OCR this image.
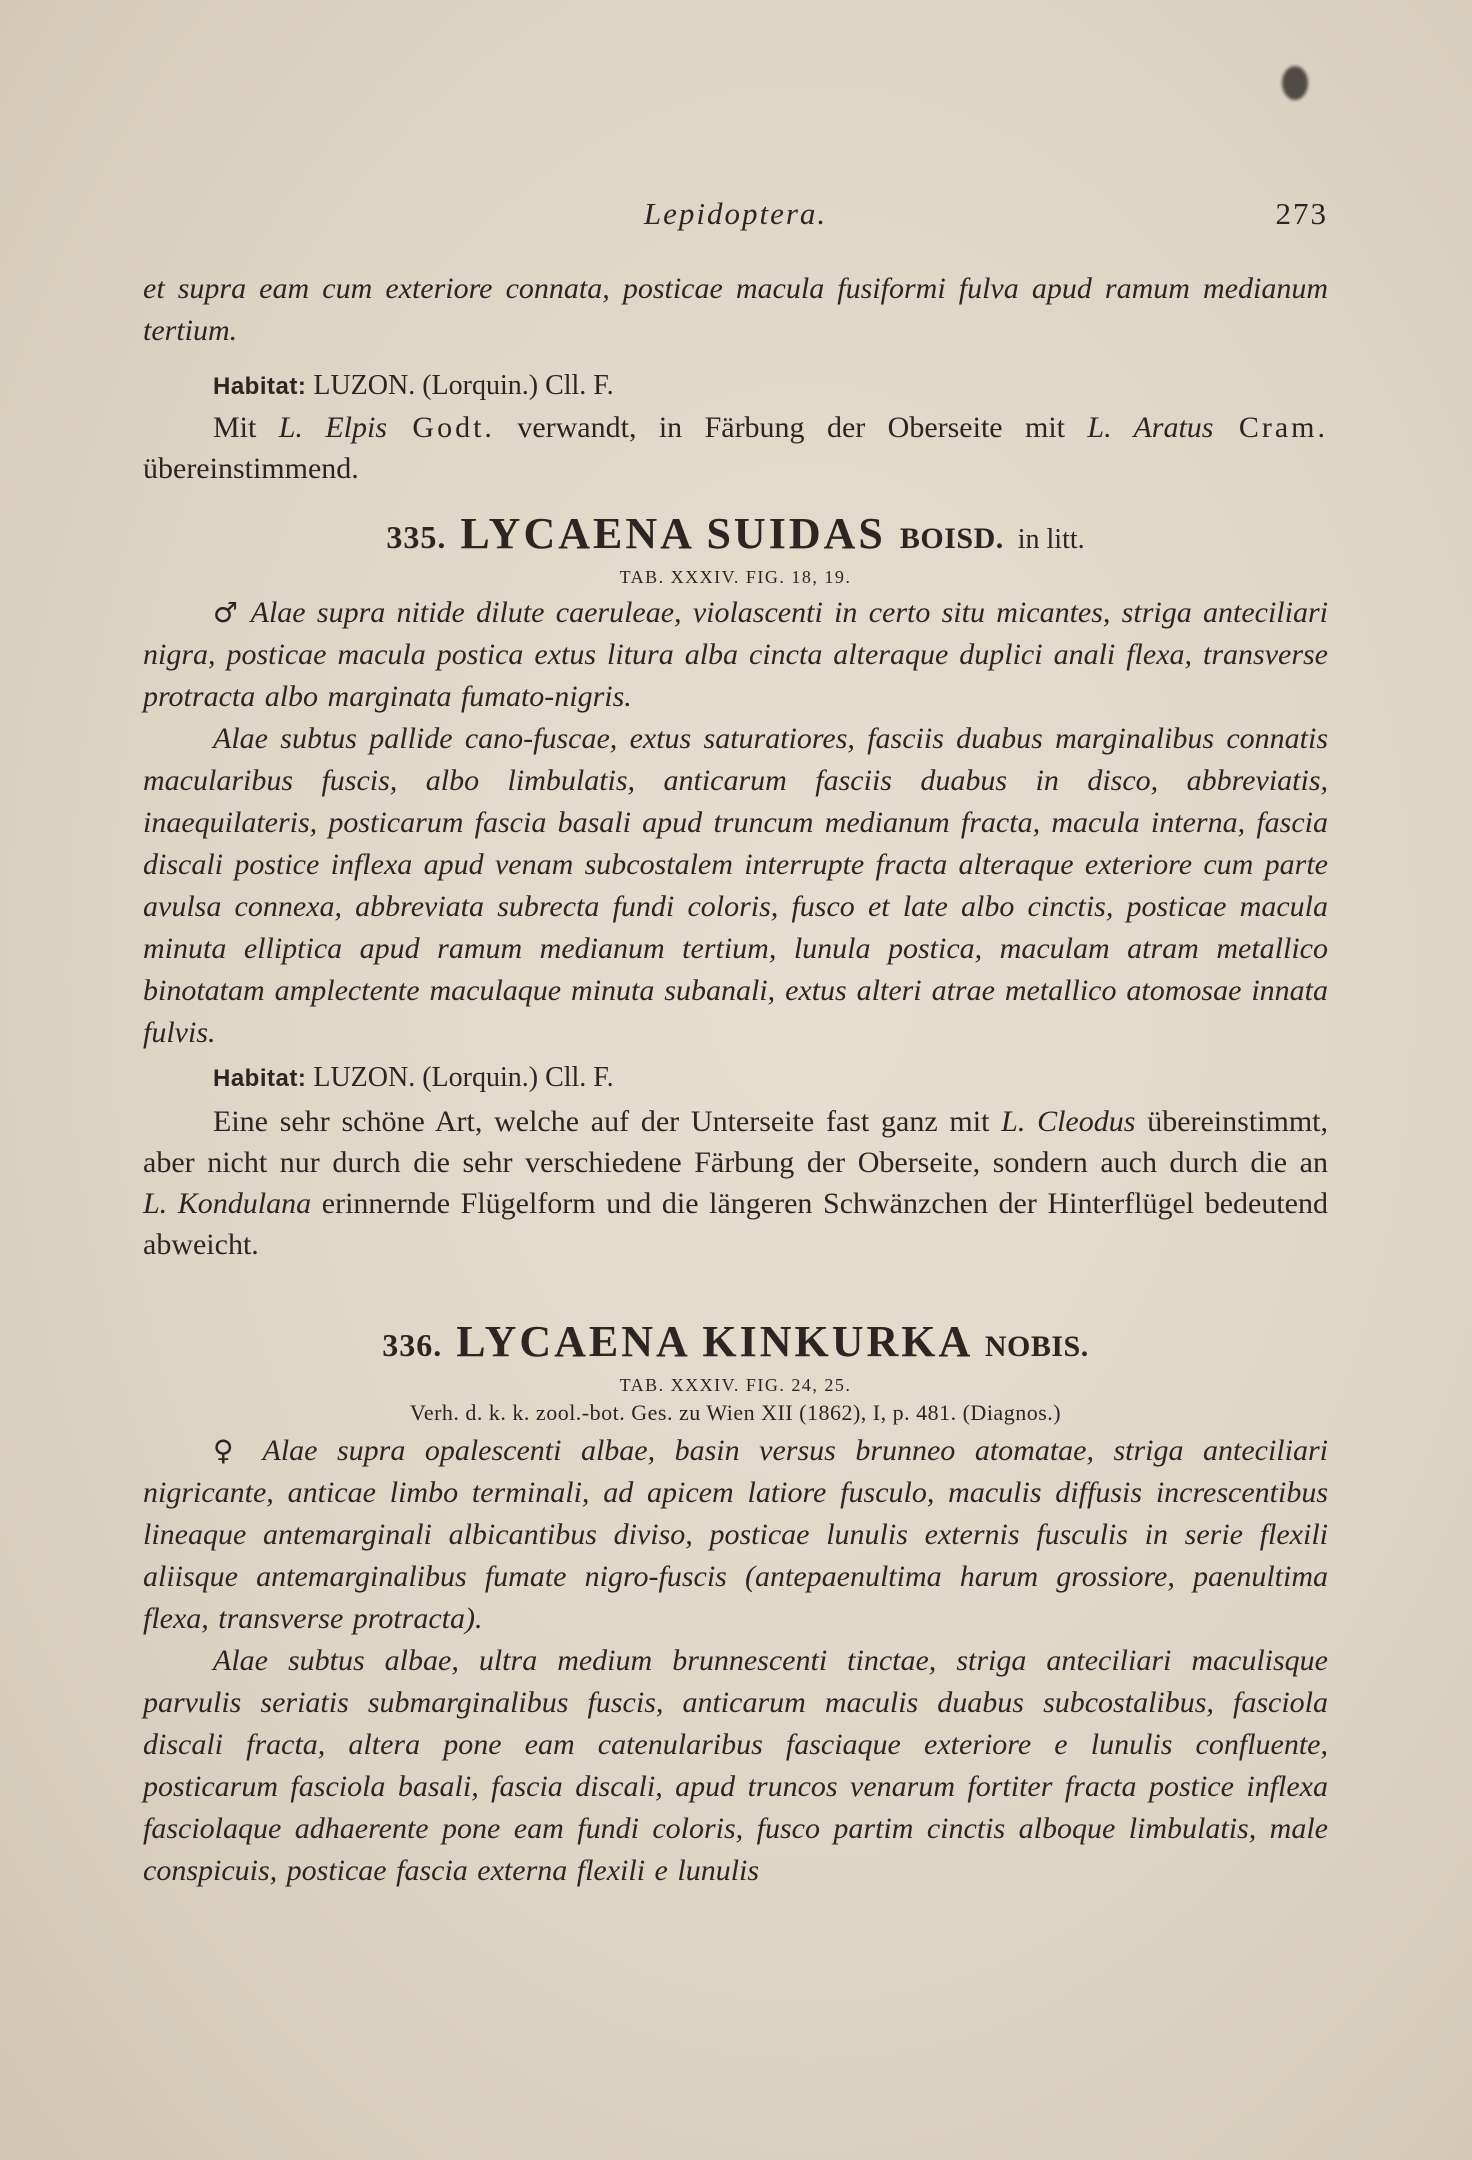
Lepidoptera.	273

et supra eam cum exteriore connata, posticae macula fusiformi fulva apud ramum medianum tertium.

Habitat: LUZON. (Lorquin.) Cll. F.

Mit L. Elpis Godt. verwandt, in Färbung der Oberseite mit L. Aratus Cram. übereinstimmend.

335. LYCAENA SUIDAS BOISD. in litt.
TAB. XXXIV. FIG. 18, 19.

♂ Alae supra nitide dilute caeruleae, violascenti in certo situ micantes, striga anteciliari nigra, posticae macula postica extus litura alba cincta alteraque duplici anali flexa, transverse protracta albo marginata fumato-nigris.

Alae subtus pallide cano-fuscae, extus saturatiores, fasciis duabus marginalibus connatis macularibus fuscis, albo limbulatis, anticarum fasciis duabus in disco, abbreviatis, inaequilateris, posticarum fascia basali apud truncum medianum fracta, macula interna, fascia discali postice inflexa apud venam subcostalem interrupte fracta alteraque exteriore cum parte avulsa connexa, abbreviata subrecta fundi coloris, fusco et late albo cinctis, posticae macula minuta elliptica apud ramum medianum tertium, lunula postica, maculam atram metallico binotatam amplectente maculaque minuta subanali, extus alteri atrae metallico atomosae innata fulvis.

Habitat: LUZON. (Lorquin.) Cll. F.

Eine sehr schöne Art, welche auf der Unterseite fast ganz mit L. Cleodus übereinstimmt, aber nicht nur durch die sehr verschiedene Färbung der Oberseite, sondern auch durch die an L. Kondulana erinnernde Flügelform und die längeren Schwänzchen der Hinterflügel bedeutend abweicht.

336. LYCAENA KINKURKA NOBIS.
TAB. XXXIV. FIG. 24, 25.
Verh. d. k. k. zool.-bot. Ges. zu Wien XII (1862), I, p. 481. (Diagnos.)

♀ Alae supra opalescenti albae, basin versus brunneo atomatae, striga anteciliari nigricante, anticae limbo terminali, ad apicem latiore fusculo, maculis diffusis increscentibus lineaque antemarginali albicantibus diviso, posticae lunulis externis fusculis in serie flexili aliisque antemarginalibus fumate nigro-fuscis (antepaenultima harum grossiore, paenultima flexa, transverse protracta).

Alae subtus albae, ultra medium brunnescenti tinctae, striga anteciliari maculisque parvulis seriatis submarginalibus fuscis, anticarum maculis duabus subcostalibus, fasciola discali fracta, altera pone eam catenularibus fasciaque exteriore e lunulis confluente, posticarum fasciola basali, fascia discali, apud truncos venarum fortiter fracta postice inflexa fasciolaque adhaerente pone eam fundi coloris, fusco partim cinctis alboque limbulatis, male conspicuis, posticae fascia externa flexili e lunulis
